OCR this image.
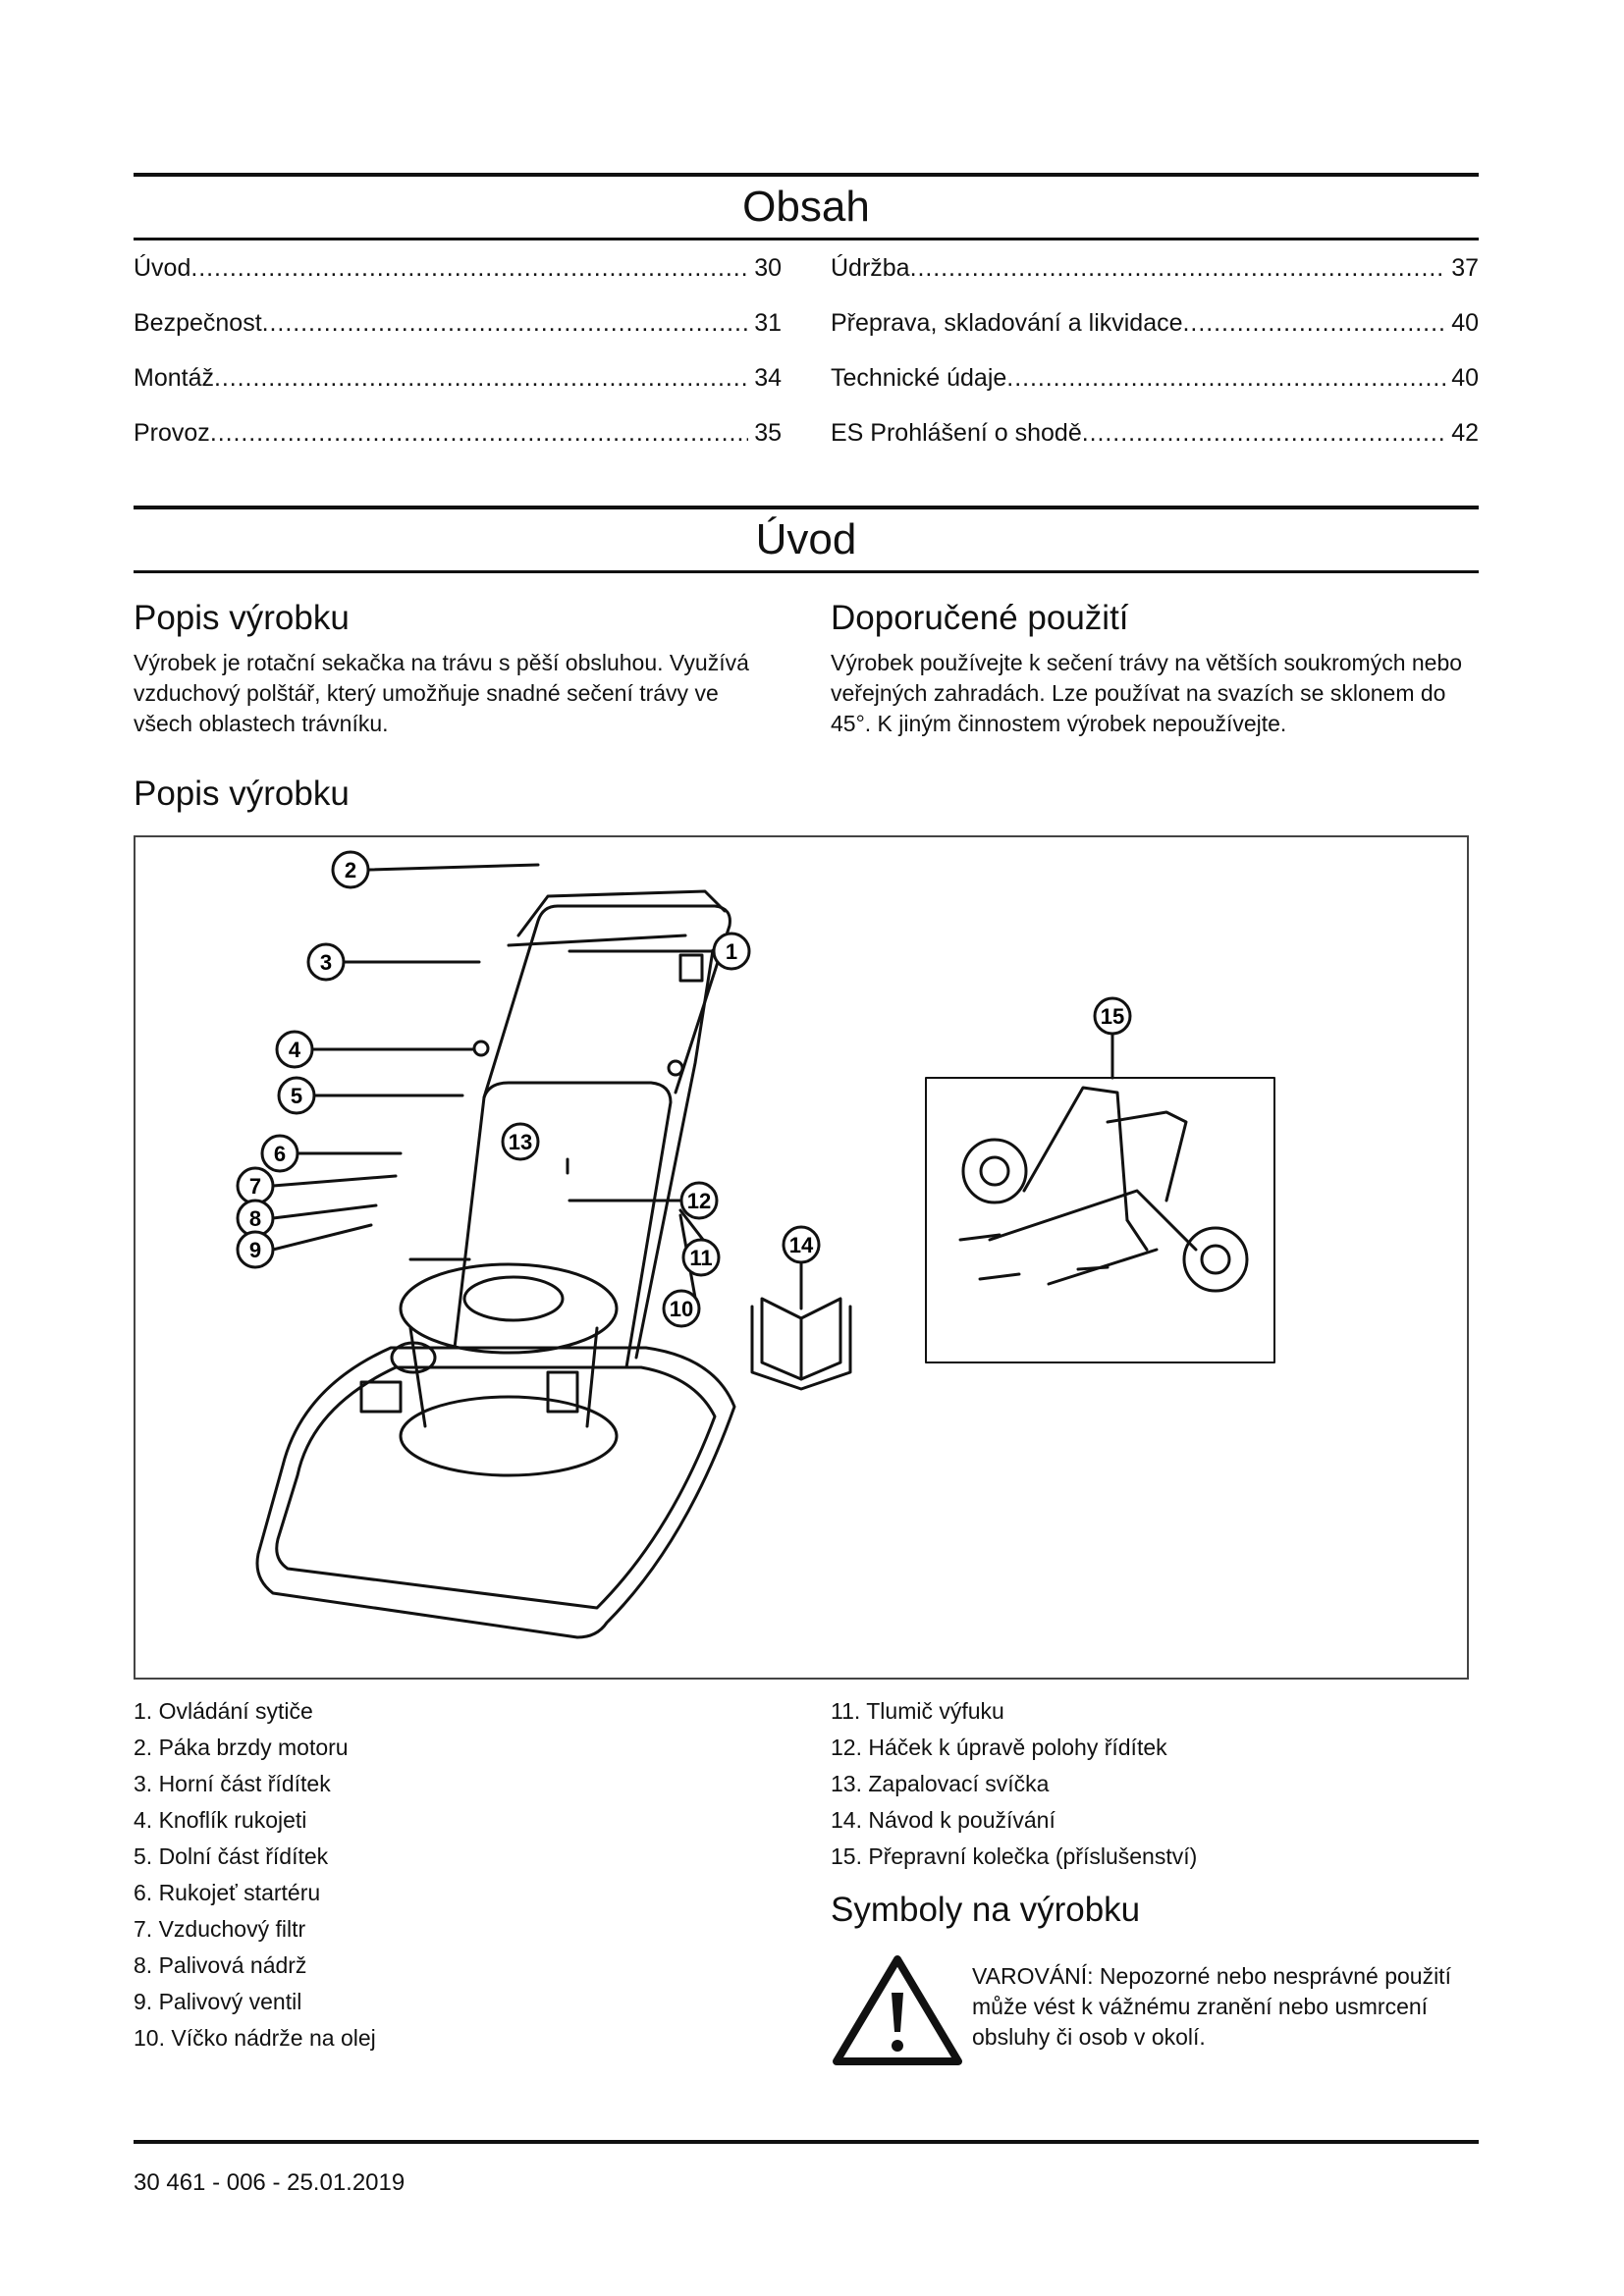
Obsah
Úvod . . .	30
Bezpečnost . . .	31
Montáž . . .	34
Provoz . . .	35
Údržba . . .	37
Přeprava, skladování a likvidace . . .	40
Technické údaje . . .	40
ES Prohlášení o shodě . . .	42
Úvod
Popis výrobku

Výrobek je rotační sekačka na trávu s pěší obsluhou. Využívá vzduchový polštář, který umožňuje snadné sečení trávy ve všech oblastech trávníku.

Doporučené použití

Výrobek používejte k sečení trávy na větších soukromých nebo veřejných zahradách. Lze používat na svazích se sklonem do 45°. K jiným činnostem výrobek nepoužívejte.

Popis výrobku
2
3	1
4
5
13
6
7
8
9
12
11
14
10
15
1. Ovládání sytiče
2. Páka brzdy motoru
3. Horní část řídítek
4. Knoflík rukojeti
5. Dolní část řídítek
6. Rukojeť startéru
7. Vzduchový filtr
8. Palivová nádrž
9. Palivový ventil
10. Víčko nádrže na olej
11. Tlumič výfuku
12. Háček k úpravě polohy řídítek
13. Zapalovací svíčka
14. Návod k používání
15. Přepravní kolečka (příslušenství)
Symboly na výrobku
VAROVÁNÍ: Nepozorné nebo nesprávné použití může vést k vážnému zranění nebo usmrcení obsluhy či osob v okolí.
30 461 - 006 - 25.01.2019
